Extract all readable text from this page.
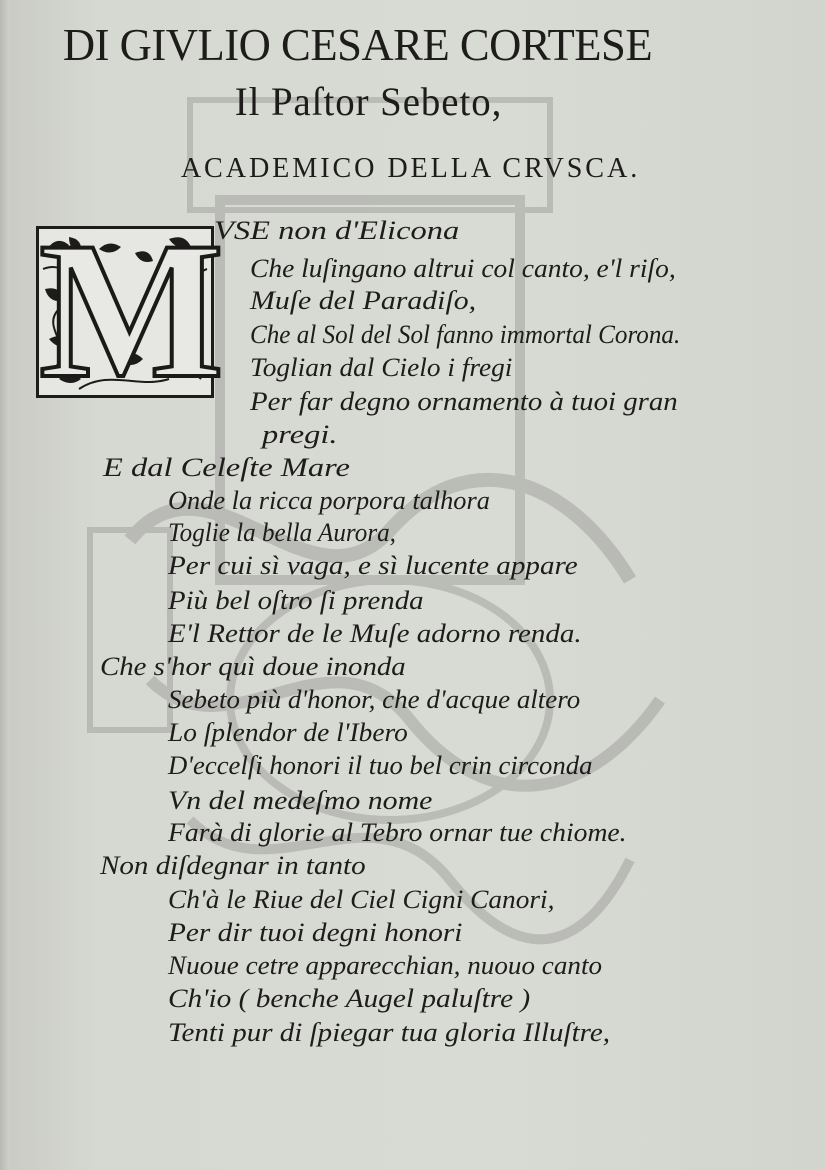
DI GIVLIO CESARE CORTESE
Il Paſtor Sebeto,
ACADEMICO DELLA CRVSCA.
M
VSE non d'Elicona
Che luſingano altrui col canto, e'l riſo,
Muſe del Paradiſo,
Che al Sol del Sol fanno immortal Corona.
Toglian dal Cielo i fregi
Per far degno ornamento à tuoi gran
pregi.
E dal Celeſte Mare
Onde la ricca porpora talhora
Toglie la bella Aurora,
Per cui sì vaga, e sì lucente appare
Più bel oſtro ſi prenda
E'l Rettor de le Muſe adorno renda.
Che s'hor quì doue inonda
Sebeto più d'honor, che d'acque altero
Lo ſplendor de l'Ibero
D'eccelſi honori il tuo bel crin circonda
Vn del medeſmo nome
Farà di glorie al Tebro ornar tue chiome.
Non diſdegnar in tanto
Ch'à le Riue del Ciel Cigni Canori,
Per dir tuoi degni honori
Nuoue cetre apparecchian, nuouo canto
Ch'io ( benche Augel paluſtre )
Tenti pur di ſpiegar tua gloria Illuſtre,
